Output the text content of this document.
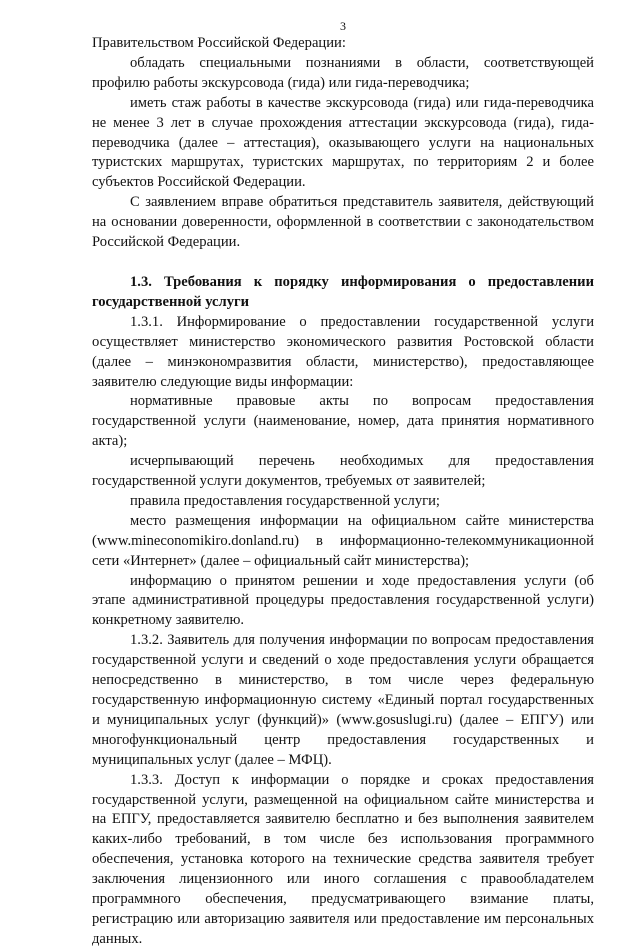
3

Правительством Российской Федерации:

обладать специальными познаниями в области, соответствующей профилю работы экскурсовода (гида) или гида-переводчика;

иметь стаж работы в качестве экскурсовода (гида) или гида-переводчика не менее 3 лет в случае прохождения аттестации экскурсовода (гида), гида-переводчика (далее – аттестация), оказывающего услуги на национальных туристских маршрутах, туристских маршрутах, по территориям 2 и более субъектов Российской Федерации.

С заявлением вправе обратиться представитель заявителя, действующий на основании доверенности, оформленной в соответствии с законодательством Российской Федерации.

1.3. Требования к порядку информирования о предоставлении государственной услуги

1.3.1. Информирование о предоставлении государственной услуги осуществляет министерство экономического развития Ростовской области (далее – минэкономразвития области, министерство), предоставляющее заявителю следующие виды информации:

нормативные правовые акты по вопросам предоставления государственной услуги (наименование, номер, дата принятия нормативного акта);

исчерпывающий перечень необходимых для предоставления государственной услуги документов, требуемых от заявителей;

правила предоставления государственной услуги;

место размещения информации на официальном сайте министерства (www.mineconomikiro.donland.ru) в информационно-телекоммуникационной сети «Интернет» (далее – официальный сайт министерства);

информацию о принятом решении и ходе предоставления услуги (об этапе административной процедуры предоставления государственной услуги) конкретному заявителю.

1.3.2. Заявитель для получения информации по вопросам предоставления государственной услуги и сведений о ходе предоставления услуги обращается непосредственно в министерство, в том числе через федеральную государственную информационную систему «Единый портал государственных и муниципальных услуг (функций)» (www.gosuslugi.ru) (далее – ЕПГУ) или многофункциональный центр предоставления государственных и муниципальных услуг (далее – МФЦ).

1.3.3. Доступ к информации о порядке и сроках предоставления государственной услуги, размещенной на официальном сайте министерства и на ЕПГУ, предоставляется заявителю бесплатно и без выполнения заявителем каких-либо требований, в том числе без использования программного обеспечения, установка которого на технические средства заявителя требует заключения лицензионного или иного соглашения с правообладателем программного обеспечения, предусматривающего взимание платы, регистрацию или авторизацию заявителя или предоставление им персональных данных.
